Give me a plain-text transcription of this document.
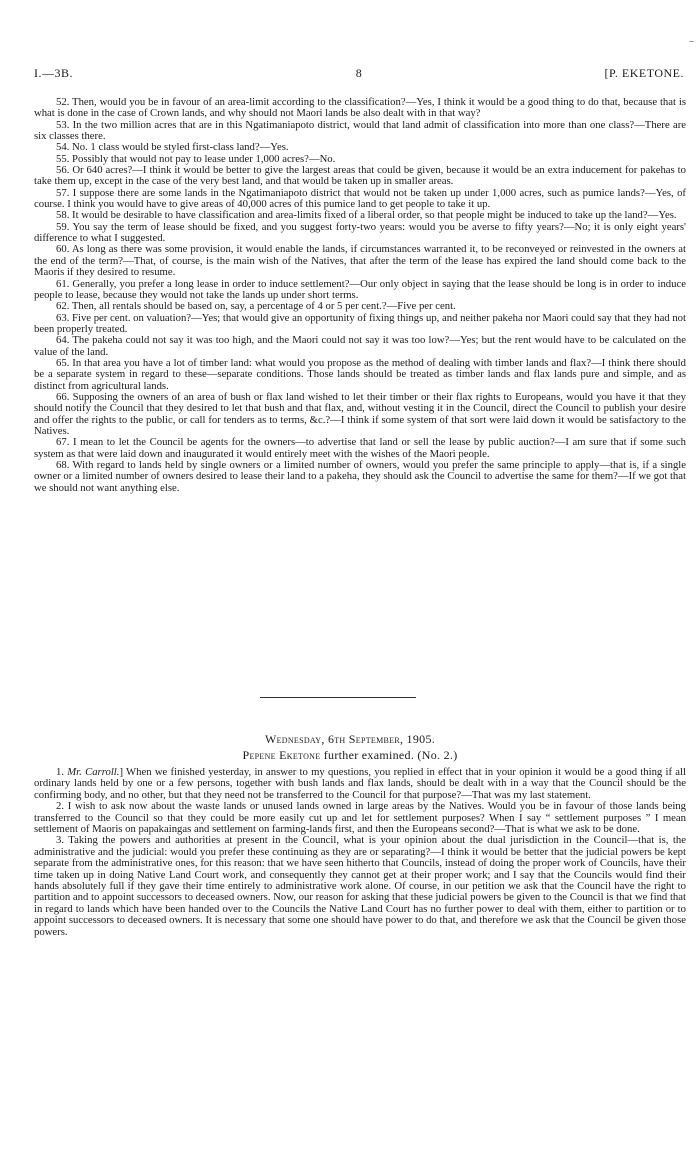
–
I.—3B.	8	[P. EKETONE.

52. Then, would you be in favour of an area-limit according to the classification?—Yes, I think it would be a good thing to do that, because that is what is done in the case of Crown lands, and why should not Maori lands be also dealt with in that way?

53. In the two million acres that are in this Ngatimaniapoto district, would that land admit of classification into more than one class?—There are six classes there.

54. No. 1 class would be styled first-class land?—Yes.

55. Possibly that would not pay to lease under 1,000 acres?—No.

56. Or 640 acres?—I think it would be better to give the largest areas that could be given, because it would be an extra inducement for pakehas to take them up, except in the case of the very best land, and that would be taken up in smaller areas.

57. I suppose there are some lands in the Ngatimaniapoto district that would not be taken up under 1,000 acres, such as pumice lands?—Yes, of course. I think you would have to give areas of 40,000 acres of this pumice land to get people to take it up.

58. It would be desirable to have classification and area-limits fixed of a liberal order, so that people might be induced to take up the land?—Yes.

59. You say the term of lease should be fixed, and you suggest forty-two years: would you be averse to fifty years?—No; it is only eight years' difference to what I suggested.

60. As long as there was some provision, it would enable the lands, if circumstances warranted it, to be reconveyed or reinvested in the owners at the end of the term?—That, of course, is the main wish of the Natives, that after the term of the lease has expired the land should come back to the Maoris if they desired to resume.

61. Generally, you prefer a long lease in order to induce settlement?—Our only object in saying that the lease should be long is in order to induce people to lease, because they would not take the lands up under short terms.

62. Then, all rentals should be based on, say, a percentage of 4 or 5 per cent.?—Five per cent.

63. Five per cent. on valuation?—Yes; that would give an opportunity of fixing things up, and neither pakeha nor Maori could say that they had not been properly treated.

64. The pakeha could not say it was too high, and the Maori could not say it was too low?—Yes; but the rent would have to be calculated on the value of the land.

65. In that area you have a lot of timber land: what would you propose as the method of dealing with timber lands and flax?—I think there should be a separate system in regard to these—separate conditions. Those lands should be treated as timber lands and flax lands pure and simple, and as distinct from agricultural lands.

66. Supposing the owners of an area of bush or flax land wished to let their timber or their flax rights to Europeans, would you have it that they should notify the Council that they desired to let that bush and that flax, and, without vesting it in the Council, direct the Council to publish your desire and offer the rights to the public, or call for tenders as to terms, &c.?—I think if some system of that sort were laid down it would be satisfactory to the Natives.

67. I mean to let the Council be agents for the owners—to advertise that land or sell the lease by public auction?—I am sure that if some such system as that were laid down and inaugurated it would entirely meet with the wishes of the Maori people.

68. With regard to lands held by single owners or a limited number of owners, would you prefer the same principle to apply—that is, if a single owner or a limited number of owners desired to lease their land to a pakeha, they should ask the Council to advertise the same for them?—If we got that we should not want anything else.

Wednesday, 6th September, 1905.
Pepene Eketone further examined. (No. 2.)

1. Mr. Carroll.] When we finished yesterday, in answer to my questions, you replied in effect that in your opinion it would be a good thing if all ordinary lands held by one or a few persons, together with bush lands and flax lands, should be dealt with in a way that the Council should be the confirming body, and no other, but that they need not be transferred to the Council for that purpose?—That was my last statement.

2. I wish to ask now about the waste lands or unused lands owned in large areas by the Natives. Would you be in favour of those lands being transferred to the Council so that they could be more easily cut up and let for settlement purposes? When I say “ settlement purposes ” I mean settlement of Maoris on papakaingas and settlement on farming-lands first, and then the Europeans second?—That is what we ask to be done.

3. Taking the powers and authorities at present in the Council, what is your opinion about the dual jurisdiction in the Council—that is, the administrative and the judicial: would you prefer these continuing as they are or separating?—I think it would be better that the judicial powers be kept separate from the administrative ones, for this reason: that we have seen hitherto that Councils, instead of doing the proper work of Councils, have their time taken up in doing Native Land Court work, and consequently they cannot get at their proper work; and I say that the Councils would find their hands absolutely full if they gave their time entirely to administrative work alone. Of course, in our petition we ask that the Council have the right to partition and to appoint successors to deceased owners. Now, our reason for asking that these judicial powers be given to the Council is that we find that in regard to lands which have been handed over to the Councils the Native Land Court has no further power to deal with them, either to partition or to appoint successors to deceased owners. It is necessary that some one should have power to do that, and therefore we ask that the Council be given those powers.
